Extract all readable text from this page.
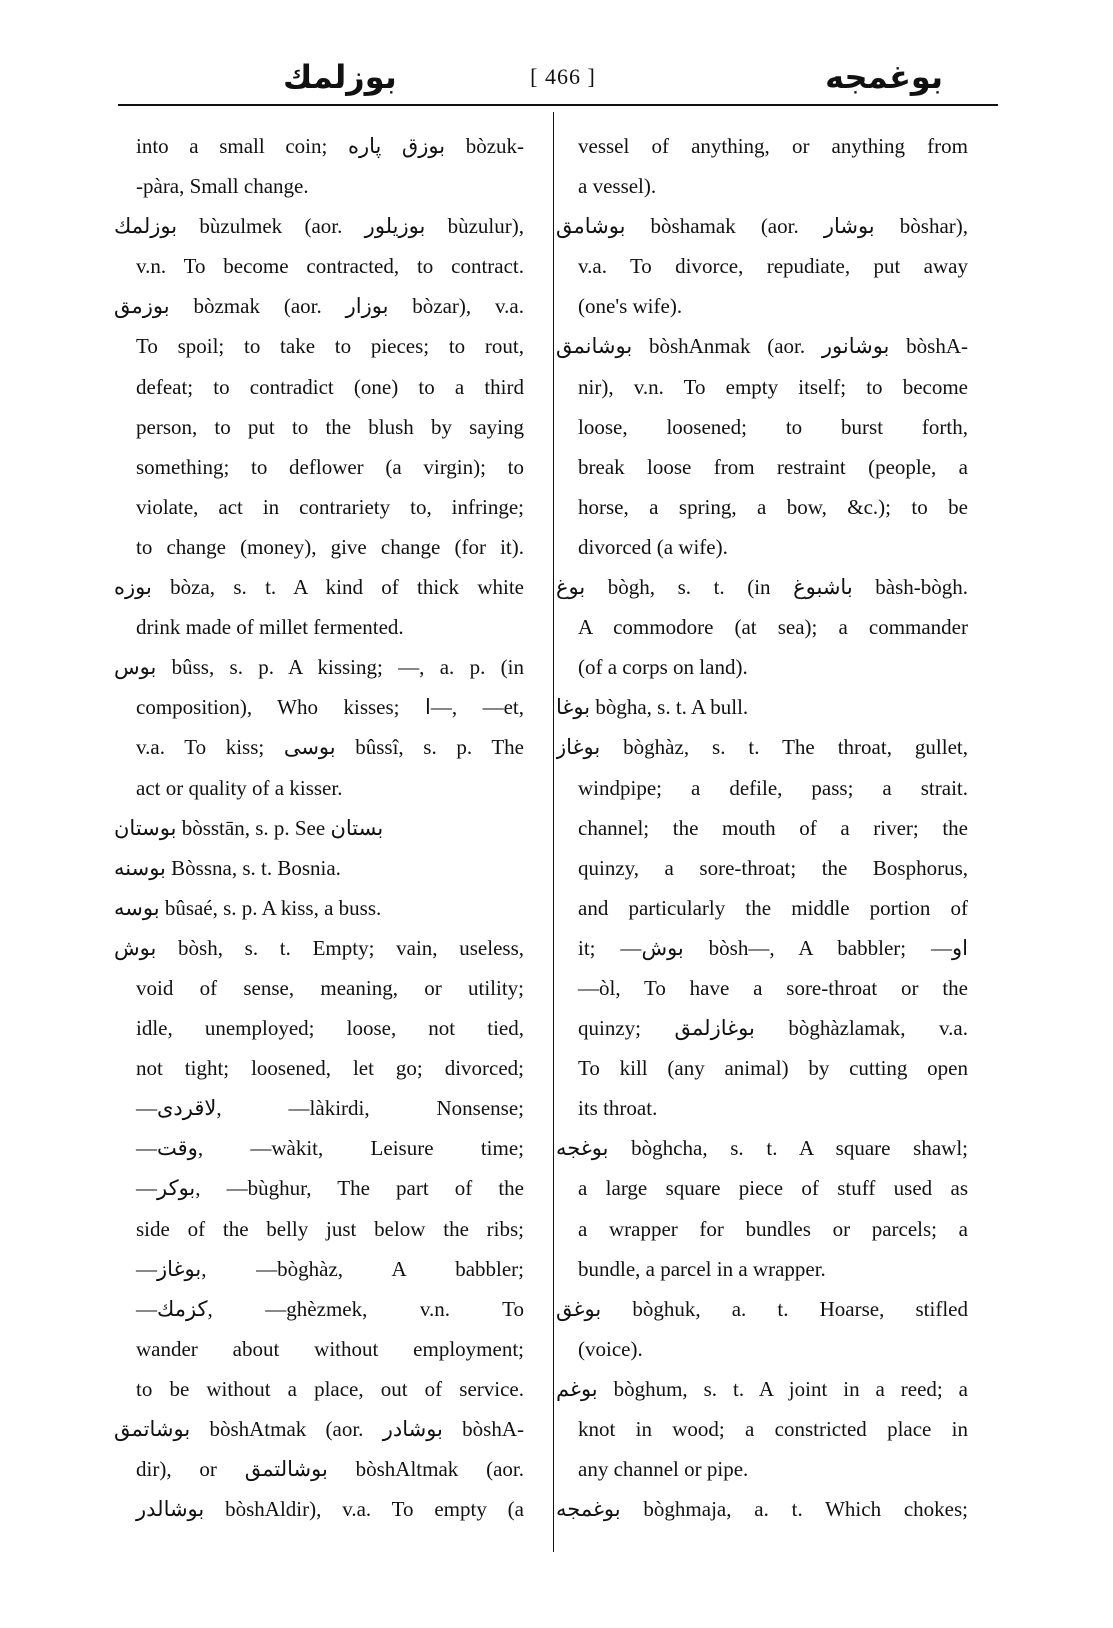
بوزلمك	[ 466 ]	بوغمجه
into a small coin; بوزق پاره bòzuk-
-pàra, Small change.
بوزلمك bùzulmek (aor. بوزيلور bùzulur),
v.n. To become contracted, to contract.
بوزمق bòzmak (aor. بوزار bòzar), v.a.
To spoil; to take to pieces; to rout,
defeat; to contradict (one) to a third
person, to put to the blush by saying
something; to deflower (a virgin); to
violate, act in contrariety to, infringe;
to change (money), give change (for it).
بوزه bòza, s. t. A kind of thick white
drink made of millet fermented.
بوس bûss, s. p. A kissing; —, a. p. (in
composition), Who kisses; ا—, —et,
v.a. To kiss; بوسی bûssî, s. p. The
act or quality of a kisser.
بوستان bòsstān, s. p. See بستان
بوسنه Bòssna, s. t. Bosnia.
بوسه bûsaé, s. p. A kiss, a buss.
بوش bòsh, s. t. Empty; vain, useless,
void of sense, meaning, or utility;
idle, unemployed; loose, not tied,
not tight; loosened, let go; divorced;
—لاقردى, —làkirdi, Nonsense;
—وقت, —wàkit, Leisure time;
—بوكر, —bùghur, The part of the
side of the belly just below the ribs;
—بوغاز, —bòghàz, A babbler;
—كزمك, —ghèzmek, v.n. To
wander about without employment;
to be without a place, out of service.
بوشاتمق bòshAtmak (aor. بوشادر bòshA-
dir), or بوشالتمق bòshAltmak (aor.
بوشالدر bòshAldir), v.a. To empty (a
vessel of anything, or anything from
a vessel).
بوشامق bòshamak (aor. بوشار bòshar),
v.a. To divorce, repudiate, put away
(one's wife).
بوشانمق bòshAnmak (aor. بوشانور bòshA-
nir), v.n. To empty itself; to become
loose, loosened; to burst forth,
break loose from restraint (people, a
horse, a spring, a bow, &c.); to be
divorced (a wife).
بوغ bògh, s. t. (in باشبوغ bàsh-bògh.
A commodore (at sea); a commander
(of a corps on land).
بوغا bògha, s. t. A bull.
بوغاز bòghàz, s. t. The throat, gullet,
windpipe; a defile, pass; a strait.
channel; the mouth of a river; the
quinzy, a sore-throat; the Bosphorus,
and particularly the middle portion of
it; —بوش bòsh—, A babbler; —او
—òl, To have a sore-throat or the
quinzy; بوغازلمق bòghàzlamak, v.a.
To kill (any animal) by cutting open
its throat.
بوغجه bòghcha, s. t. A square shawl;
a large square piece of stuff used as
a wrapper for bundles or parcels; a
bundle, a parcel in a wrapper.
بوغق bòghuk, a. t. Hoarse, stifled
(voice).
بوغم bòghum, s. t. A joint in a reed; a
knot in wood; a constricted place in
any channel or pipe.
بوغمجه bòghmaja, a. t. Which chokes;
